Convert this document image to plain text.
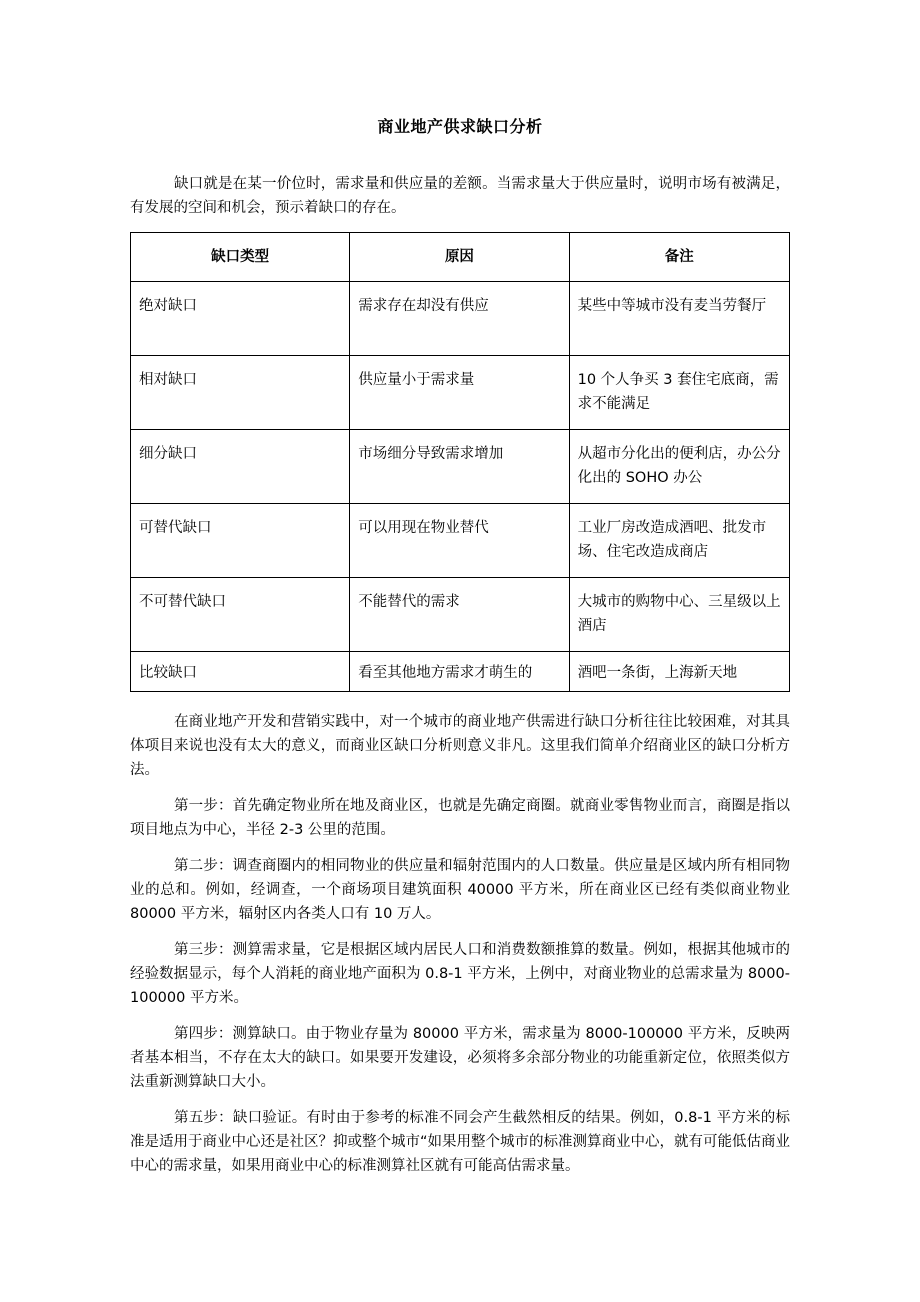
商业地产供求缺口分析
缺口就是在某一价位时，需求量和供应量的差额。当需求量大于供应量时，说明市场有被满足，有发展的空间和机会，预示着缺口的存在。
缺口类型	原因	备注
绝对缺口	需求存在却没有供应	某些中等城市没有麦当劳餐厅
相对缺口	供应量小于需求量	10 个人争买 3 套住宅底商，需求不能满足
细分缺口	市场细分导致需求增加	从超市分化出的便利店，办公分化出的 SOHO 办公
可替代缺口	可以用现在物业替代	工业厂房改造成酒吧、批发市场、住宅改造成商店
不可替代缺口	不能替代的需求	大城市的购物中心、三星级以上酒店
比较缺口	看至其他地方需求才萌生的	酒吧一条街，上海新天地
在商业地产开发和营销实践中，对一个城市的商业地产供需进行缺口分析往往比较困难，对其具体项目来说也没有太大的意义，而商业区缺口分析则意义非凡。这里我们简单介绍商业区的缺口分析方法。
第一步：首先确定物业所在地及商业区，也就是先确定商圈。就商业零售物业而言，商圈是指以项目地点为中心，半径 2-3 公里的范围。
第二步：调查商圈内的相同物业的供应量和辐射范围内的人口数量。供应量是区域内所有相同物业的总和。例如，经调查，一个商场项目建筑面积 40000 平方米，所在商业区已经有类似商业物业 80000 平方米，辐射区内各类人口有 10 万人。
第三步：测算需求量，它是根据区域内居民人口和消费数额推算的数量。例如，根据其他城市的经验数据显示，每个人消耗的商业地产面积为 0.8-1 平方米，上例中，对商业物业的总需求量为 8000-100000 平方米。
第四步：测算缺口。由于物业存量为 80000 平方米，需求量为 8000-100000 平方米，反映两者基本相当，不存在太大的缺口。如果要开发建设，必须将多余部分物业的功能重新定位，依照类似方法重新测算缺口大小。
第五步：缺口验证。有时由于参考的标准不同会产生截然相反的结果。例如，0.8-1 平方米的标准是适用于商业中心还是社区？抑或整个城市“如果用整个城市的标准测算商业中心，就有可能低估商业中心的需求量，如果用商业中心的标准测算社区就有可能高估需求量。
